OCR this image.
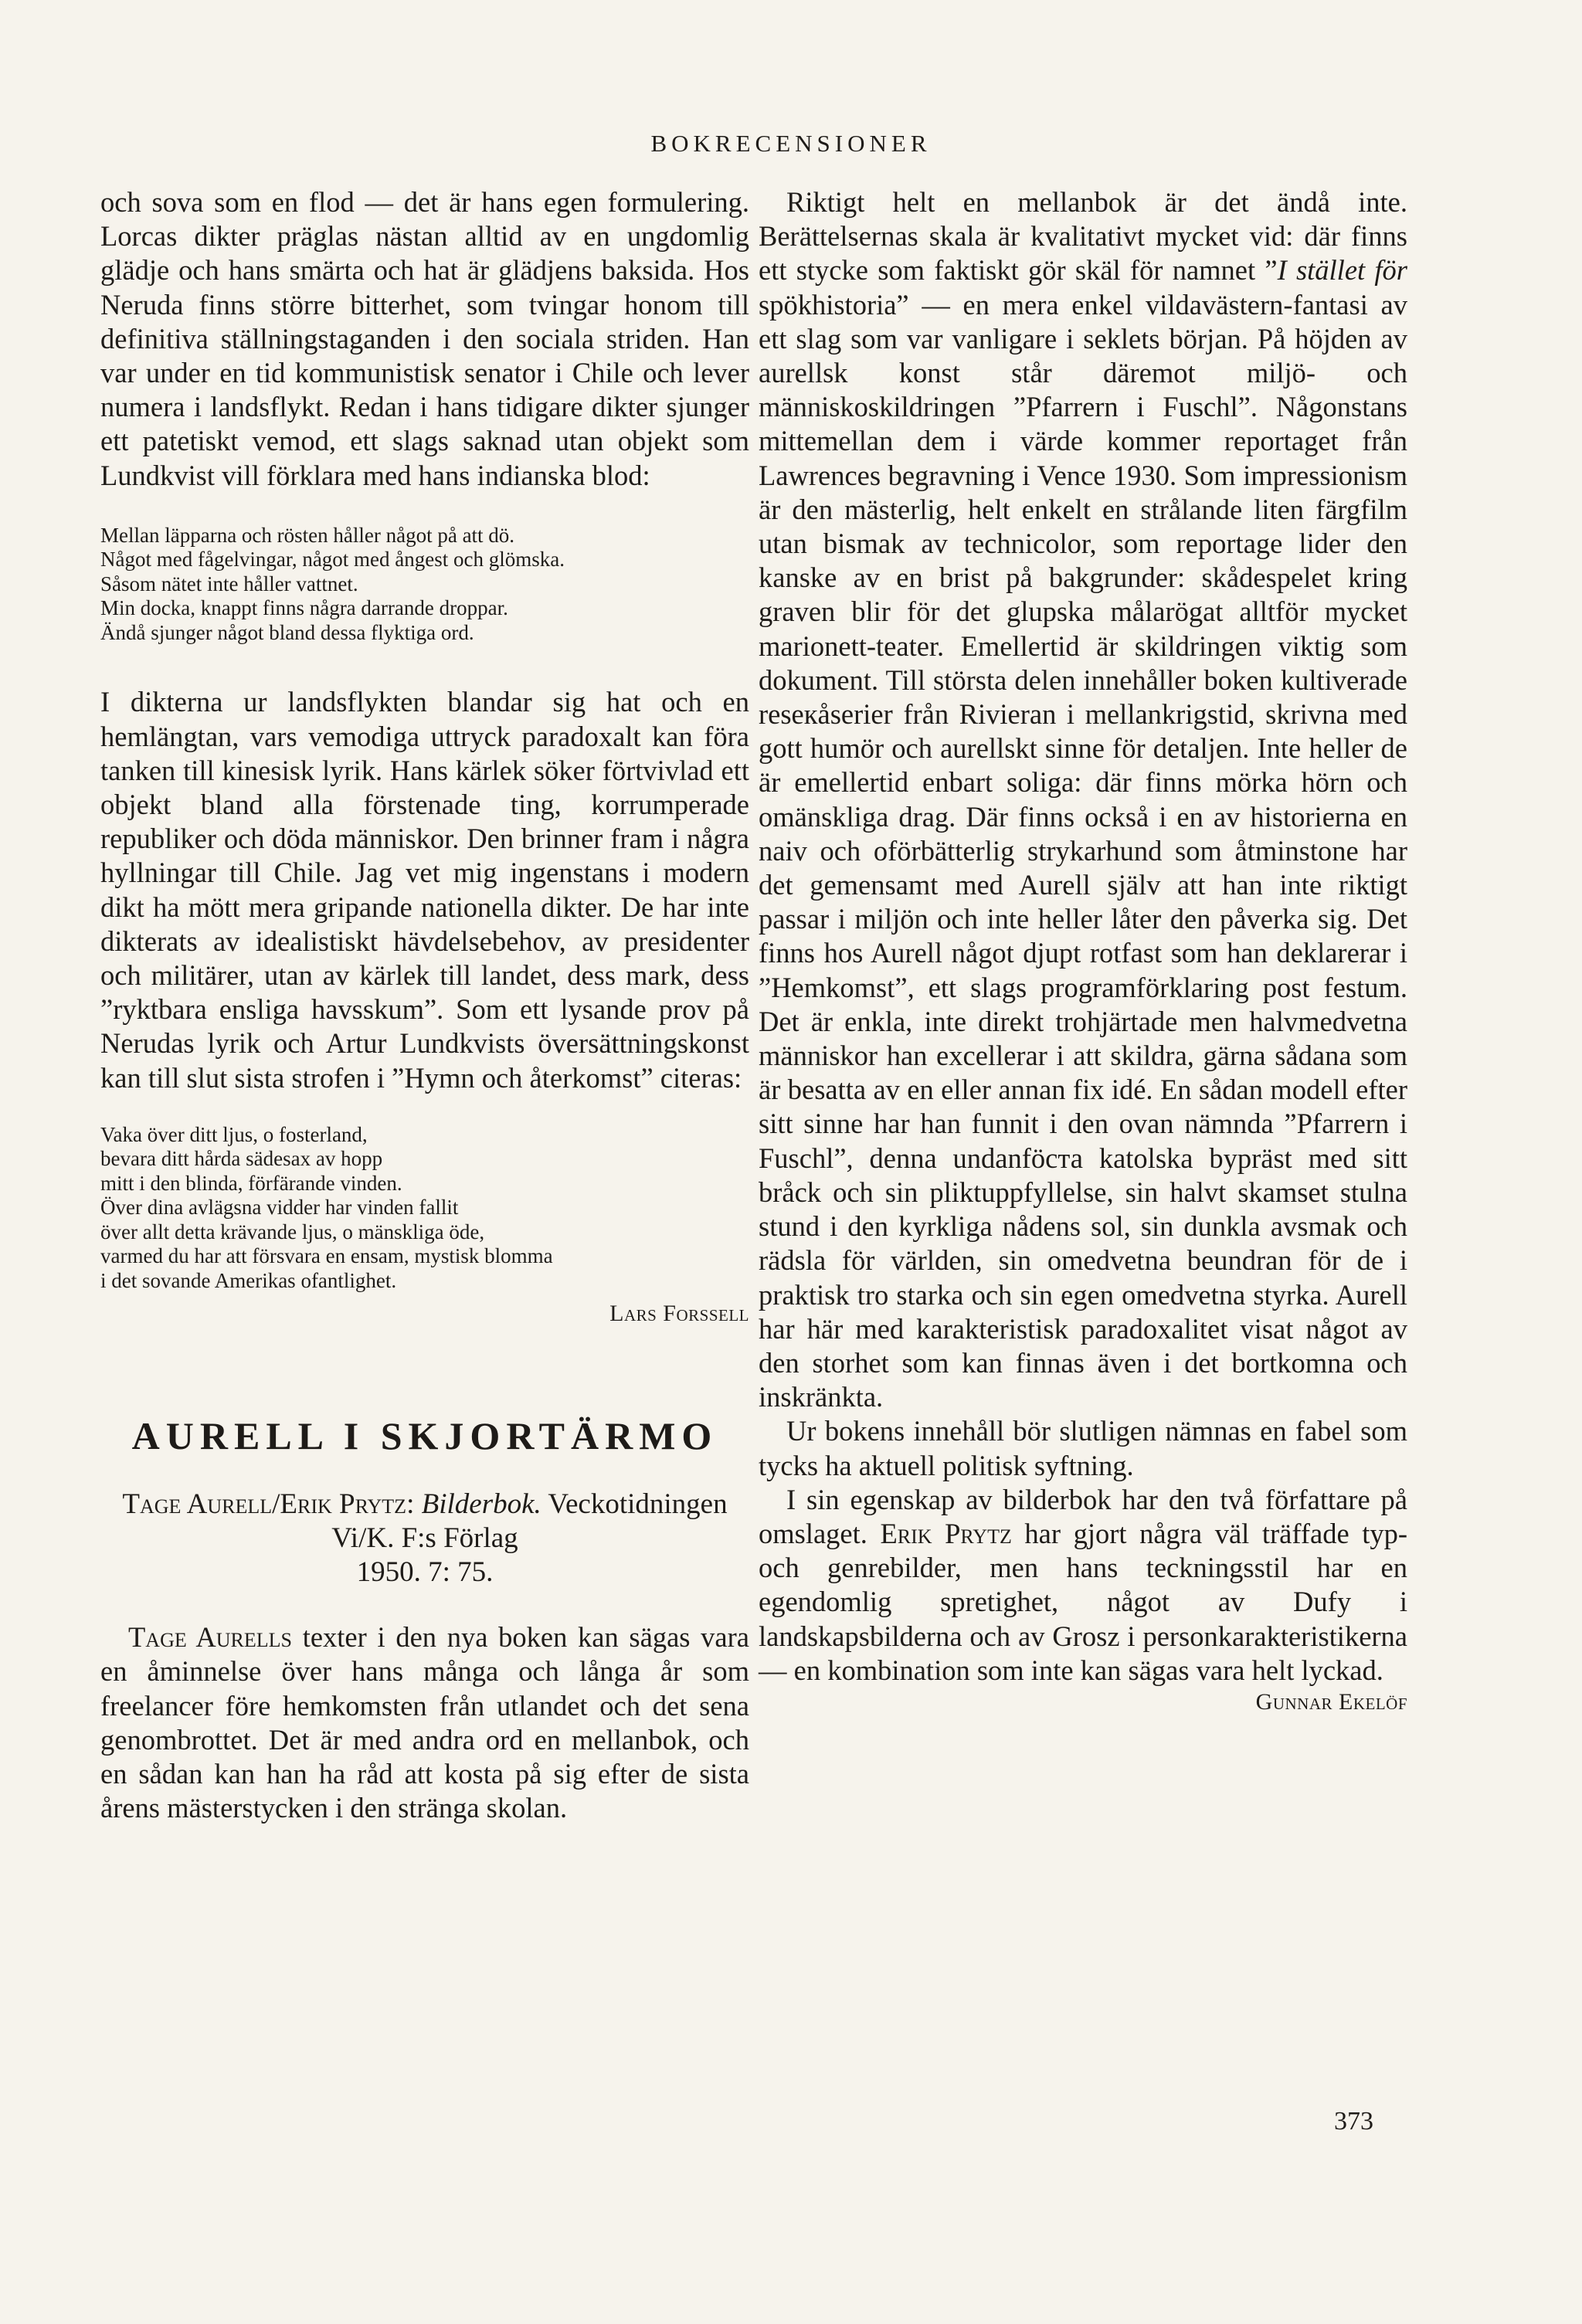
BOKRECENSIONER

och sova som en flod — det är hans egen formulering. Lorcas dikter präglas nästan alltid av en ungdomlig glädje och hans smärta och hat är glädjens baksida. Hos Neruda finns större bitterhet, som tvingar honom till definitiva ställningstaganden i den sociala striden. Han var under en tid kommunistisk senator i Chile och lever numera i landsflykt. Redan i hans tidigare dikter sjunger ett patetiskt vemod, ett slags saknad utan objekt som Lundkvist vill förklara med hans indianska blod:

Mellan läpparna och rösten håller något på att dö.
Något med fågelvingar, något med ångest och glömska.
Såsom nätet inte håller vattnet.
Min docka, knappt finns några darrande droppar.
Ändå sjunger något bland dessa flyktiga ord.

I dikterna ur landsflykten blandar sig hat och en hemlängtan, vars vemodiga uttryck paradoxalt kan föra tanken till kinesisk lyrik. Hans kärlek söker förtvivlad ett objekt bland alla förstenade ting, korrumperade republiker och döda människor. Den brinner fram i några hyllningar till Chile. Jag vet mig ingenstans i modern dikt ha mött mera gripande nationella dikter. De har inte dikterats av idealistiskt hävdelsebehov, av presidenter och militärer, utan av kärlek till landet, dess mark, dess ”ryktbara ensliga havsskum”. Som ett lysande prov på Nerudas lyrik och Artur Lundkvists översättningskonst kan till slut sista strofen i ”Hymn och återkomst” citeras:

Vaka över ditt ljus, o fosterland,
bevara ditt hårda sädesax av hopp
mitt i den blinda, förfärande vinden.
Över dina avlägsna vidder har vinden fallit
över allt detta krävande ljus, o mänskliga öde,
varmed du har att försvara en ensam, mystisk blomma
i det sovande Amerikas ofantlighet.
Lars Forssell
AURELL I SKJORTÄRMO
Tage Aurell/Erik Prytz: Bilderbok. Veckotidningen Vi/K. F:s Förlag
1950. 7: 75.

Tage Aurells texter i den nya boken kan sägas vara en åminnelse över hans många och långa år som freelancer före hemkomsten från utlandet och det sena genombrottet. Det är med andra ord en mellanbok, och en sådan kan han ha råd att kosta på sig efter de sista årens mästerstycken i den stränga skolan.

Riktigt helt en mellanbok är det ändå inte. Berättelsernas skala är kvalitativt mycket vid: där finns ett stycke som faktiskt gör skäl för namnet ”I stället för spökhistoria” — en mera enkel vildavästern-fantasi av ett slag som var vanligare i seklets början. På höjden av aurellsk konst står däremot miljö- och människoskildringen ”Pfarrern i Fuschl”. Någonstans mittemellan dem i värde kommer reportaget från Lawrences begravning i Vence 1930. Som impressionism är den mästerlig, helt enkelt en strålande liten färgfilm utan bismak av technicolor, som reportage lider den kanske av en brist på bakgrunder: skådespelet kring graven blir för det glupska målarögat alltför mycket marionett-teater. Emellertid är skildringen viktig som dokument. Till största delen innehåller boken kultiverade reseкåserier från Rivieran i mellankrigstid, skrivna med gott humör och aurellskt sinne för detaljen. Inte heller de är emellertid enbart soliga: där finns mörka hörn och omänskliga drag. Där finns också i en av historierna en naiv och oförbätterlig strykarhund som åtminstone har det gemensamt med Aurell själv att han inte riktigt passar i miljön och inte heller låter den påverka sig. Det finns hos Aurell något djupt rotfast som han deklarerar i ”Hemkomst”, ett slags programförklaring post festum. Det är enkla, inte direkt trohjärtade men halvmedvetna människor han excellerar i att skildra, gärna sådana som är besatta av en eller annan fix idé. En sådan modell efter sitt sinne har han funnit i den ovan nämnda ”Pfarrern i Fuschl”, denna undanföста katolska bypräst med sitt bråck och sin pliktuppfyllelse, sin halvt skamset stulna stund i den kyrkliga nådens sol, sin dunkla avsmak och rädsla för världen, sin omedvetna beundran för de i praktisk tro starka och sin egen omedvetna styrka. Aurell har här med karakteristisk paradoxalitet visat något av den storhet som kan finnas även i det bortkomna och inskränkta.

Ur bokens innehåll bör slutligen nämnas en fabel som tycks ha aktuell politisk syftning.

I sin egenskap av bilderbok har den två författare på omslaget. Erik Prytz har gjort några väl träffade typ- och genrebilder, men hans teckningsstil har en egendomlig spretighet, något av Dufy i landskapsbilderna och av Grosz i personkarakteristikerna — en kombination som inte kan sägas vara helt lyckad.

Gunnar Ekelöf
373
